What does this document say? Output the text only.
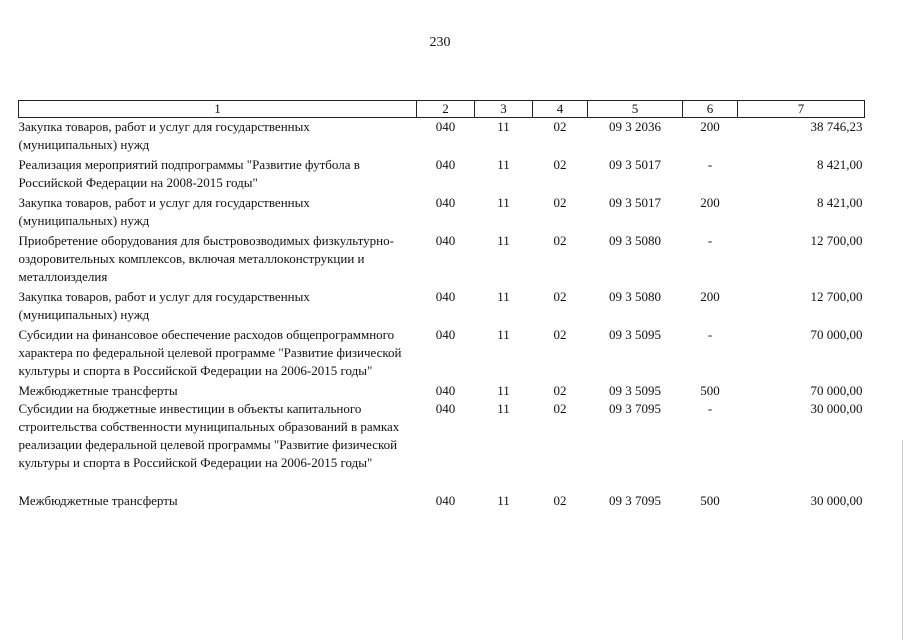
230
1	2	3	4	5	6	7
Закупка товаров, работ и услуг для государственных (муниципальных) нужд	040	11	02	09 3 2036	200	38 746,23
Реализация мероприятий подпрограммы "Развитие футбола в Российской Федерации на 2008-2015 годы"	040	11	02	09 3 5017	-	8 421,00
Закупка товаров, работ и услуг для государственных (муниципальных) нужд	040	11	02	09 3 5017	200	8 421,00
Приобретение оборудования для быстровозводимых физкультурно-оздоровительных комплексов, включая металлоконструкции и металлоизделия	040	11	02	09 3 5080	-	12 700,00
Закупка товаров, работ и услуг для государственных (муниципальных) нужд	040	11	02	09 3 5080	200	12 700,00
Субсидии на финансовое обеспечение расходов общепрограммного характера по федеральной целевой программе "Развитие физической культуры и спорта в Российской Федерации на 2006-2015 годы"	040	11	02	09 3 5095	-	70 000,00
Межбюджетные трансферты	040	11	02	09 3 5095	500	70 000,00
Субсидии на бюджетные инвестиции в объекты капитального строительства собственности муниципальных образований в рамках реализации федеральной целевой программы "Развитие физической культуры и спорта в Российской Федерации на 2006-2015 годы"	040	11	02	09 3 7095	-	30 000,00
Межбюджетные трансферты	040	11	02	09 3 7095	500	30 000,00
